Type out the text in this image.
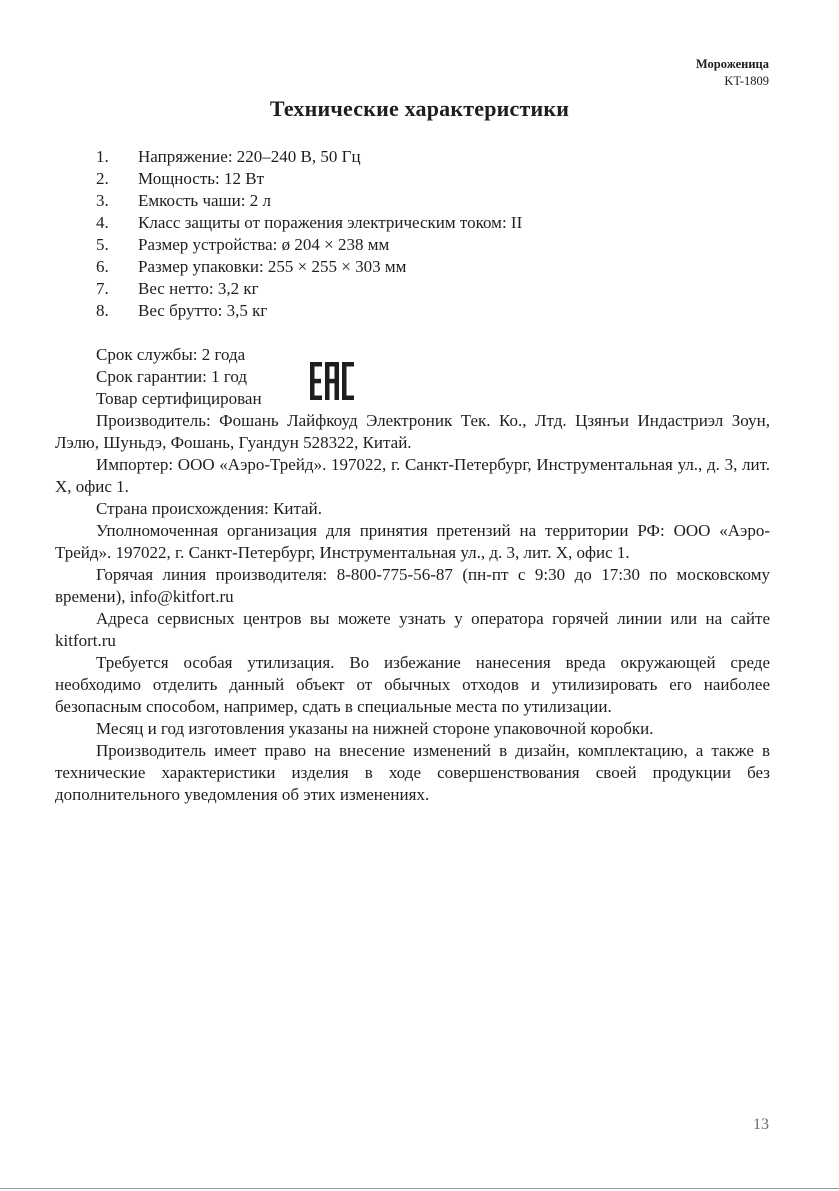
Мороженица
KT-1809
Технические характеристики
1.	Напряжение: 220–240 В, 50 Гц
2.	Мощность: 12 Вт
3.	Емкость чаши: 2 л
4.	Класс защиты от поражения электрическим током: II
5.	Размер устройства: ø 204 × 238 мм
6.	Размер упаковки: 255 × 255 × 303 мм
7.	Вес нетто: 3,2 кг
8.	Вес брутто: 3,5 кг
Срок службы: 2 года
Срок гарантии: 1 год
Товар сертифицирован

Производитель: Фошань Лайфкоуд Электроник Тек. Ко., Лтд. Цзянъи Индастриэл Зоун, Лэлю, Шуньдэ, Фошань, Гуандун 528322, Китай.

Импортер: ООО «Аэро-Трейд». 197022, г. Санкт-Петербург, Инструментальная ул., д. 3, лит. Х, офис 1.

Страна происхождения: Китай.

Уполномоченная организация для принятия претензий на территории РФ: ООО «Аэро-Трейд». 197022, г. Санкт-Петербург, Инструментальная ул., д. 3, лит. Х, офис 1.

Горячая линия производителя: 8-800-775-56-87 (пн-пт с 9:30 до 17:30 по московскому времени), info@kitfort.ru

Адреса сервисных центров вы можете узнать у оператора горячей линии или на сайте kitfort.ru

Требуется особая утилизация. Во избежание нанесения вреда окружающей среде необходимо отделить данный объект от обычных отходов и утилизировать его наиболее безопасным способом, например, сдать в специальные места по утилизации.

Месяц и год изготовления указаны на нижней стороне упаковочной коробки.

Производитель имеет право на внесение изменений в дизайн, комплектацию, а также в технические характеристики изделия в ходе совершенствования своей продукции без дополнительного уведомления об этих изменениях.

13
